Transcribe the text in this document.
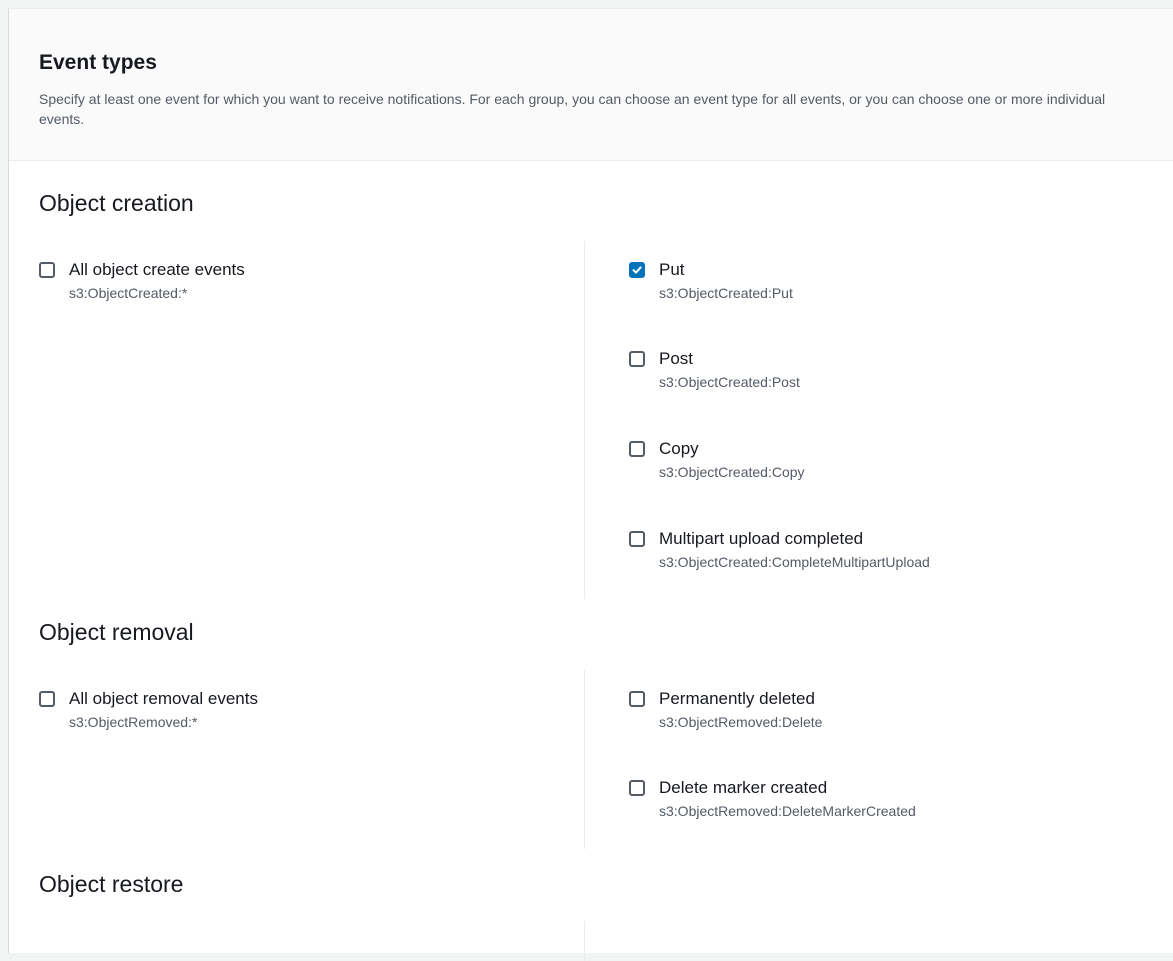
Event types

Specify at least one event for which you want to receive notifications. For each group, you can choose an event type for all events, or you can choose one or more individual events.

Object creation
All object create events
s3:ObjectCreated:*
Put
s3:ObjectCreated:Put
Post
s3:ObjectCreated:Post
Copy
s3:ObjectCreated:Copy
Multipart upload completed
s3:ObjectCreated:CompleteMultipartUpload
Object removal
All object removal events
s3:ObjectRemoved:*
Permanently deleted
s3:ObjectRemoved:Delete
Delete marker created
s3:ObjectRemoved:DeleteMarkerCreated
Object restore
